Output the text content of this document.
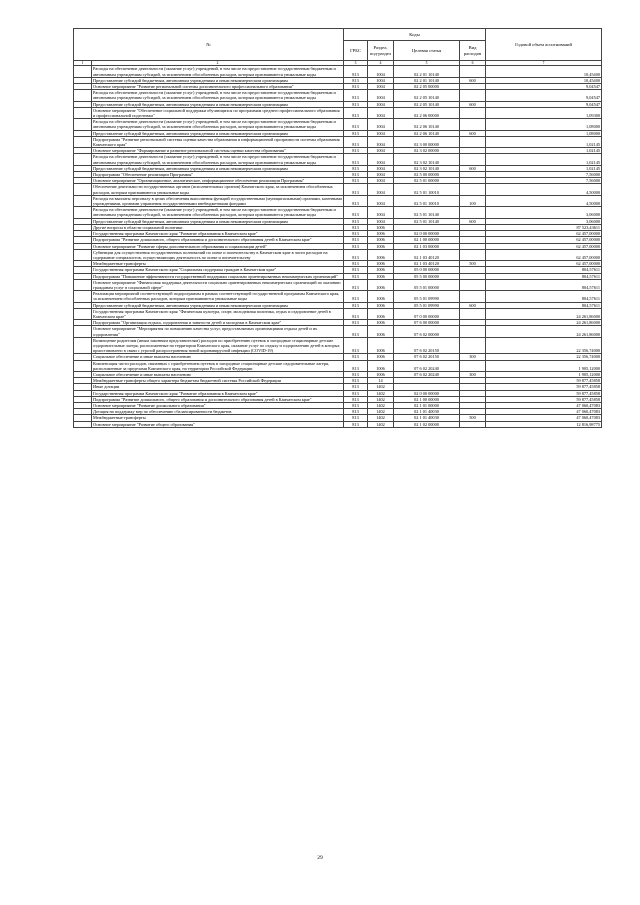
№		Коды				Годовой объем ассигнований
		ГРБС	Раздел, под-раздел	Целевая статья	Вид расходов	
1	2	3	4	5	6	7
	Расходы на обеспечение деятельности (оказание услуг) учреждений, в том числе на предоставление государственным бюджетным и автономным учреждениям субсидий, за исключением обособленных расходов, которым присваиваются уникальные коды	813	1004	02 2 01 10140		10,45400
	Предоставление субсидий бюджетным, автономным учреждениям и иным некоммерческим организациям	813	1004	02 2 01 10140	600	10,45400
	Основное мероприятие "Развитие региональной системы дополнительного профессионального образования"	813	1004	02 2 05 00000		9,04547
	Расходы на обеспечение деятельности (оказание услуг) учреждений, в том числе на предоставление государственным бюджетным и автономным учреждениям субсидий, за исключением обособленных расходов, которым присваиваются уникальные коды	813	1004	02 2 05 10140		9,04547
	Предоставление субсидий бюджетным, автономным учреждениям и иным некоммерческим организациям	813	1004	02 2 05 10140	600	9,04547
	Основное мероприятие "Обеспечение социальной поддержки обучающихся по программам среднего профессионального образования и профессиональной подготовки"	813	1004	02 2 06 00000		1,09300
	Расходы на обеспечение деятельности (оказание услуг) учреждений, в том числе на предоставление государственным бюджетным и автономным учреждениям субсидий, за исключением обособленных расходов, которым присваиваются уникальные коды	813	1004	02 2 06 10140		1,08000
	Предоставление субсидий бюджетным, автономным учреждениям и иным некоммерческим организациям	813	1004	02 2 06 10140	600	1,08000
	Подпрограмма "Развитие региональной системы оценки качества образования и информационной прозрачности системы образования Камчатского края"	813	1004	02 3 00 00000		1,02145
	Основное мероприятие "Формирование и развитие региональной системы оценки качества образования"	813	1004	02 3 02 00000		1,02145
	Расходы на обеспечение деятельности (оказание услуг) учреждений, в том числе на предоставление государственным бюджетным и автономным учреждениям субсидий, за исключением обособленных расходов, которым присваиваются уникальные коды	813	1004	02 3 02 10140		1,02145
	Предоставление субсидий бюджетным, автономным учреждениям и иным некоммерческим организациям	813	1004	02 3 02 10140	600	1,02145
	Подпрограмма "Обеспечение реализации Программы"	813	1004	02 5 00 00000		7,56000
	Основное мероприятие "Организационное, аналитическое, информационное обеспечение реализации Программы"	813	1004	02 5 01 00000		7,56000
	Обеспечение деятельности государственных органов (исполнительных органов) Камчатского края, за исключением обособленных расходов, которым присваиваются уникальные коды	813	1004	02 5 01 10010		4,50000
	Расходы на выплаты персоналу в целях обеспечения выполнения функций государственными (муниципальными) органами, казенными учреждениями, органами управления государственными внебюджетными фондами	813	1004	02 5 01 10010	100	4,50000
	Расходы на обеспечение деятельности (оказание услуг) учреждений, в том числе на предоставление государственным бюджетным и автономным учреждениям субсидий, за исключением обособленных расходов, которым присваиваются уникальные коды	813	1004	02 5 01 10140		3,06000
	Предоставление субсидий бюджетным, автономным учреждениям и иным некоммерческим организациям	813	1004	02 5 01 10140	600	3,06000
	Другие вопросы в области социальной политики	813	1006			87 523,43611
	Государственная программа Камчатского края "Развитие образования в Камчатском крае"	813	1006	02 0 00 00000		62 457,00000
	Подпрограмма "Развитие дошкольного, общего образования и дополнительного образования детей в Камчатском крае"	813	1006	02 1 00 00000		62 457,00000
	Основное мероприятие "Развитие сферы дополнительного образования и социализации детей"	813	1006	02 1 03 00000		62 457,00000
	Субвенции для осуществления государственных полномочий по опеке и попечительству в Камчатском крае в части расходов на содержание специалистов, осуществляющих деятельность по опеке и попечительству	813	1006	02 1 03 40120		62 457,00000
	Межбюджетные трансферты	813	1006	02 1 03 40120	500	62 457,00000
	Государственная программа Камчатского края "Социальная поддержка граждан в Камчатском крае"	813	1006	05 0 00 00000		804,57611
	Подпрограмма "Повышение эффективности государственной поддержки социально ориентированных некоммерческих организаций"	813	1006	05 5 00 00000		804,57611
	Основное мероприятие "Финансовая поддержка деятельности социально ориентированных некоммерческих организаций по оказанию гражданам услуг в социальной сфере"	813	1006	05 5 01 00000		804,57611
	Реализация мероприятий соответствующей подпрограммы в рамках соответствующей государственной программы Камчатского края, за исключением обособленных расходов, которым присваиваются уникальные коды	813	1006	05 5 01 09990		804,57611
	Предоставление субсидий бюджетным, автономным учреждениям и иным некоммерческим организациям	813	1006	05 5 01 09990	600	804,57611
	Государственная программа Камчатского края "Физическая культура, спорт, молодежная политика, отдых и оздоровление детей в Камчатском крае"	813	1006	07 0 00 00000		24 261,86000
	Подпрограмма "Организация отдыха, оздоровления и занятости детей и молодежи в Камчатском крае"	813	1006	07 6 00 00000		24 261,86000
	Основное мероприятие "Мероприятия по повышению качества услуг, предоставляемых организациями отдыха детей и их оздоровления"	813	1006	07 6 02 00000		24 261,86000
	Возмещение родителям (иным законным представителям) расходов по приобретению путевок в загородные стационарные детские оздоровительные лагеря, расположенные на территории Камчатского края, оказание услуг по отдыху и оздоровлению детей в которых приостановлено в связи с угрозой распространения новой коронавирусной инфекции (COVID-19)	813	1006	07 6 02 20150		22 356,74000
	Социальное обеспечение и иные выплаты населению	813	1006	07 6 02 20150	300	22 356,74000
	Компенсация части расходов, связанных с приобретением путевок в загородные стационарные детские оздоровительные лагеря, расположенные за пределами Камчатского края, на территории Российской Федерации	813	1006	07 6 02 20240		1 905,12000
	Социальное обеспечение и иные выплаты населению	813	1006	07 6 02 20240	300	1 905,12000
	Межбюджетные трансферты общего характера бюджетам бюджетной системы Российской Федерации	813	14			59 877,45858
	Иные дотации	813	1402			59 877,45858
	Государственная программа Камчатского края "Развитие образования в Камчатском крае"	813	1402	02 0 00 00000		59 877,45858
	Подпрограмма "Развитие дошкольного, общего образования и дополнительного образования детей в Камчатском крае"	813	1402	02 1 00 00000		59 877,45858
	Основное мероприятие "Развитие дошкольного образования"	813	1402	02 1 01 00000		47 060,47083
	Дотация на поддержку мер по обеспечению сбалансированности бюджетов	813	1402	02 1 01 40030		47 060,47083
	Межбюджетные трансферты	813	1402	02 1 01 40030	500	47 060,47083
	Основное мероприятие "Развитие общего образования"	813	1402	02 1 02 00000		12 816,98775
29
